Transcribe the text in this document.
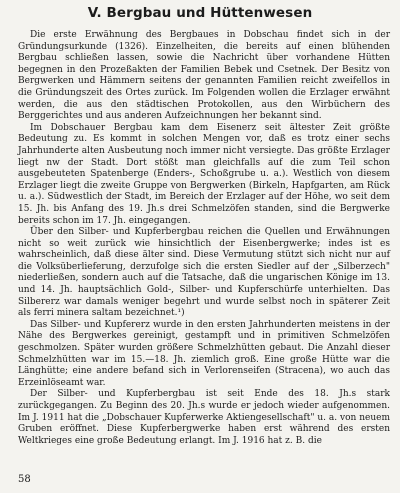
V. Bergbau und Hüttenwesen

Die erste Erwähnung des Bergbaues in Dobschau findet sich in der Gründungsurkunde (1326). Einzelheiten, die bereits auf einen blühenden Bergbau schließen lassen, sowie die Nachricht über vorhandene Hütten begegnen in den Prozeßakten der Familien Bebek und Csetnek. Der Besitz von Bergwerken und Hämmern seitens der genannten Familien reicht zweifellos in die Gründungszeit des Ortes zurück. Im Folgenden wollen die Erzlager erwähnt werden, die aus den städtischen Protokollen, aus den Wirbüchern des Berggerichtes und aus anderen Aufzeichnungen her bekannt sind.

Im Dobschauer Bergbau kam dem Eisenerz seit ältester Zeit größte Bedeutung zu. Es kommt in solchen Mengen vor, daß es trotz einer sechs Jahrhunderte alten Ausbeutung noch immer nicht versiegte. Das größte Erzlager liegt nw der Stadt. Dort stößt man gleichfalls auf die zum Teil schon ausgebeuteten Spatenberge (Enders-, Schoßgrube u. a.). Westlich von diesem Erzlager liegt die zweite Gruppe von Bergwerken (Birkeln, Hapfgarten, am Rück u. a.). Südwestlich der Stadt, im Bereich der Erzlager auf der Höhe, wo seit dem 15. Jh. bis Anfang des 19. Jh.s drei Schmelzöfen standen, sind die Bergwerke bereits schon im 17. Jh. eingegangen.

Über den Silber- und Kupferbergbau reichen die Quellen und Erwähnungen nicht so weit zurück wie hinsichtlich der Eisenbergwerke; indes ist es wahrscheinlich, daß diese älter sind. Diese Vermutung stützt sich nicht nur auf die Volksüberlieferung, derzufolge sich die ersten Siedler auf der „Silberzech" niederließen, sondern auch auf die Tatsache, daß die ungarischen Könige im 13. und 14. Jh. hauptsächlich Gold-, Silber- und Kupferschürfe unterhielten. Das Silbererz war damals weniger begehrt und wurde selbst noch in späterer Zeit als ferri minera saltam bezeichnet.¹)

Das Silber- und Kupfererz wurde in den ersten Jahrhunderten meistens in der Nähe des Bergwerkes gereinigt, gestampft und in primitiven Schmelzöfen geschmolzen. Später wurden größere Schmelzhütten gebaut. Die Anzahl dieser Schmelzhütten war im 15.—18. Jh. ziemlich groß. Eine große Hütte war die Länghütte; eine andere befand sich in Verlorenseifen (Stracena), wo auch das Erzeinlöseamt war.

Der Silber- und Kupferbergbau ist seit Ende des 18. Jh.s stark zurückgegangen. Zu Beginn des 20. Jh.s wurde er jedoch wieder aufgenommen. Im J. 1911 hat die „Dobschauer Kupferwerke Aktiengesellschaft" u. a. von neuem Gruben eröffnet. Diese Kupferbergwerke haben erst während des ersten Weltkrieges eine große Bedeutung erlangt. Im J. 1916 hat z. B. die

58
